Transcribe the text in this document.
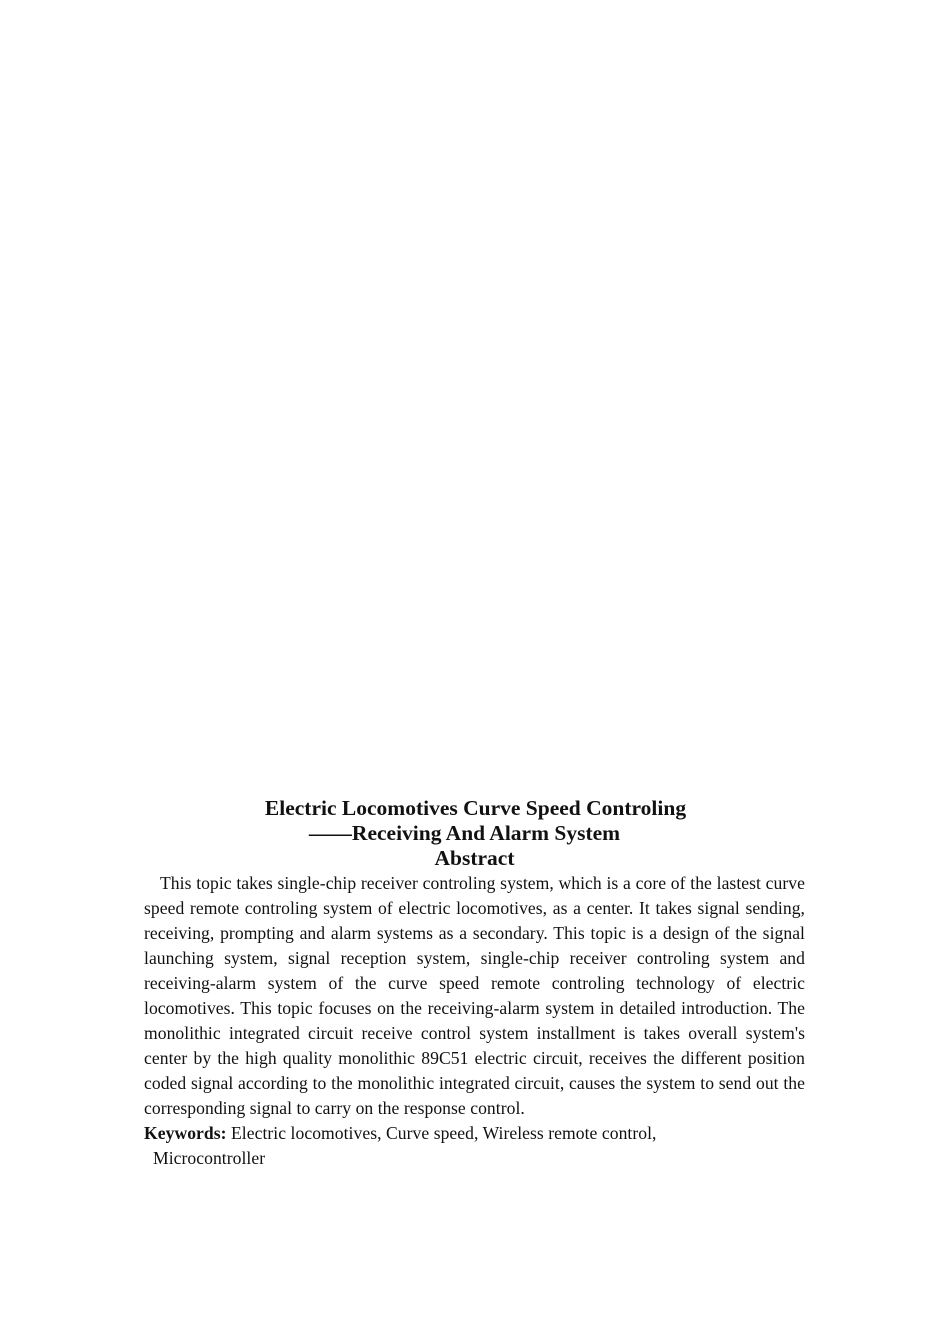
Electric Locomotives Curve Speed Controling

——Receiving And Alarm System

Abstract

This topic takes single-chip receiver controling system, which is a core of the lastest curve speed remote controling system of electric locomotives, as a center. It takes signal sending, receiving, prompting and alarm systems as a secondary. This topic is a design of the signal launching system, signal reception system, single-chip receiver controling system and receiving-alarm system of the curve speed remote controling technology of electric locomotives. This topic focuses on the receiving-alarm system in detailed introduction. The monolithic integrated circuit receive control system installment is takes overall system's center by the high quality monolithic 89C51 electric circuit, receives the different position coded signal according to the monolithic integrated circuit, causes the system to send out the corresponding signal to carry on the response control.

Keywords: Electric locomotives, Curve speed, Wireless remote control,
Microcontroller
